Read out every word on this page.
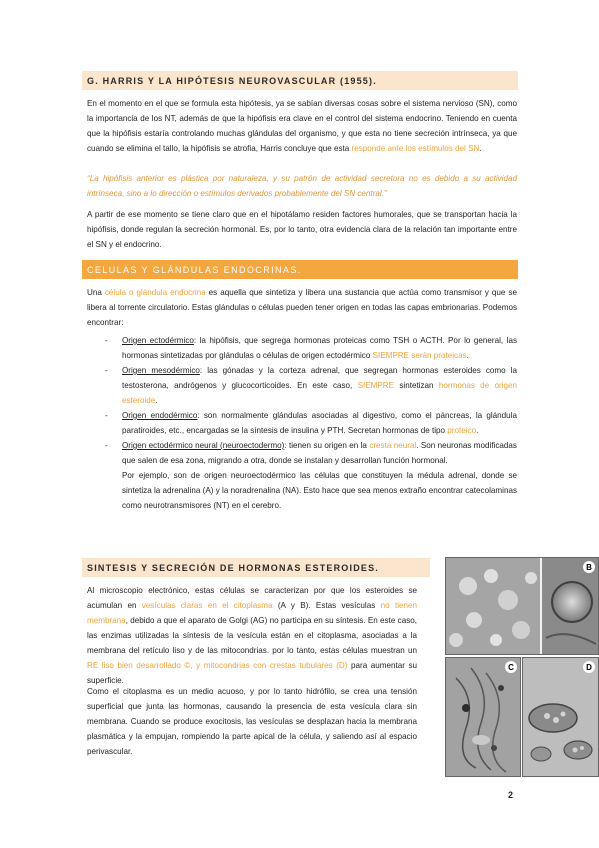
G. HARRIS Y LA HIPÓTESIS NEUROVASCULAR (1955).

En el momento en el que se formula esta hipótesis, ya se sabían diversas cosas sobre el sistema nervioso (SN), como la importancia de los NT, además de que la hipófisis era clave en el control del sistema endocrino. Teniendo en cuenta que la hipófisis estaría controlando muchas glándulas del organismo, y que esta no tiene secreción intrínseca, ya que cuando se elimina el tallo, la hipófisis se atrofia, Harris concluye que esta responde ante los estímulos del SN.

“La hipófisis anterior es plástica por naturaleza, y su patrón de actividad secretora no es debido a su actividad intrínseca, sino a lo dirección o estímulos derivados probablemente del SN central.”

A partir de ese momento se tiene claro que en el hipotálamo residen factores humorales, que se transportan hacia la hipófisis, donde regulan la secreción hormonal. Es, por lo tanto, otra evidencia clara de la relación tan importante entre el SN y el endocrino.

CELULAS Y GLÁNDULAS ENDOCRINAS.

Una célula o glándula endocrina es aquella que sintetiza y libera una sustancia que actúa como transmisor y que se libera al torrente circulatorio. Estas glándulas o células pueden tener origen en todas las capas embrionarias. Podemos encontrar:

- Origen ectodérmico: la hipófisis, que segrega hormonas proteicas como TSH o ACTH. Por lo general, las hormonas sintetizadas por glándulas o células de origen ectodérmico SIEMPRE serán proteicas.
- Origen mesodérmico: las gónadas y la corteza adrenal, que segregan hormonas esteroides como la testosterona, andrógenos y glucocorticoides. En este caso, SIEMPRE sintetizan hormonas de origen esteroide.
- Origen endodérmico: son normalmente glándulas asociadas al digestivo, como el páncreas, la glándula paratiroides, etc., encargadas se la síntesis de insulina y PTH. Secretan hormonas de tipo proteico.
- Origen ectodérmico neural (neuroectodermo): tienen su origen en la cresta neural. Son neuronas modificadas que salen de esa zona, migrando a otra, donde se instalan y desarrollan función hormonal.

Por ejemplo, son de origen neuroectodérmico las células que constituyen la médula adrenal, donde se sintetiza la adrenalina (A) y la noradrenalina (NA). Esto hace que sea menos extraño encontrar catecolaminas como neurotransmisores (NT) en el cerebro.

SINTESIS Y SECRECIÓN DE HORMONAS ESTEROIDES.

Al microscopio electrónico, estas células se caracterizan por que los esteroides se acumulan en vesículas claras en el citoplasma (A y B). Estas vesículas no tienen membrana, debido a que el aparato de Golgi (AG) no participa en su síntesis. En este caso, las enzimas utilizadas la síntesis de la vesícula están en el citoplasma, asociadas a la membrana del retículo liso y de las mitocondrias. por lo tanto, estas células muestran un RE liso bien desarrollado ©, y mitocondrias con crestas tubulares (D) para aumentar su superficie.

Como el citoplasma es un medio acuoso, y por lo tanto hidrófilo, se crea una tensión superficial que junta las hormonas, causando la presencia de esta vesícula clara sin membrana. Cuando se produce exocitosis, las vesículas se desplazan hacia la membrana plasmática y la empujan, rompiendo la parte apical de la célula, y saliendo así al espacio perivascular.

B
C	D
2
